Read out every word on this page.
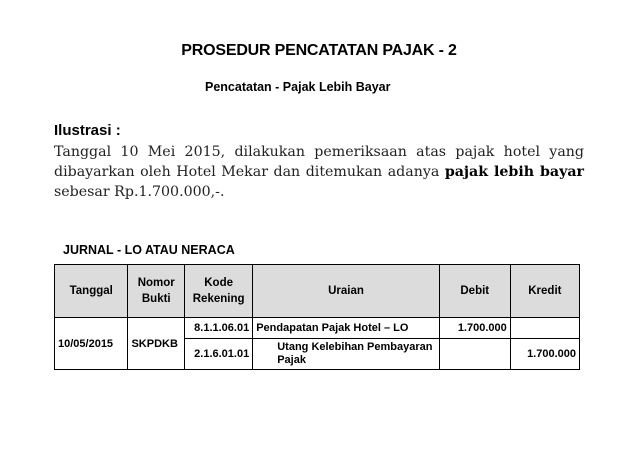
PROSEDUR PENCATATAN PAJAK - 2
Pencatatan - Pajak Lebih Bayar
Ilustrasi :
Tanggal 10 Mei 2015, dilakukan pemeriksaan atas pajak hotel yang dibayarkan oleh Hotel Mekar dan ditemukan adanya pajak lebih bayar sebesar Rp.1.700.000,-.
JURNAL - LO ATAU NERACA
Tanggal	Nomor Bukti	Kode Rekening	Uraian	Debit	Kredit
10/05/2015	SKPDKB	8.1.1.06.01	Pendapatan Pajak Hotel – LO	1.700.000	
		2.1.6.01.01	Utang Kelebihan Pembayaran Pajak		1.700.000
